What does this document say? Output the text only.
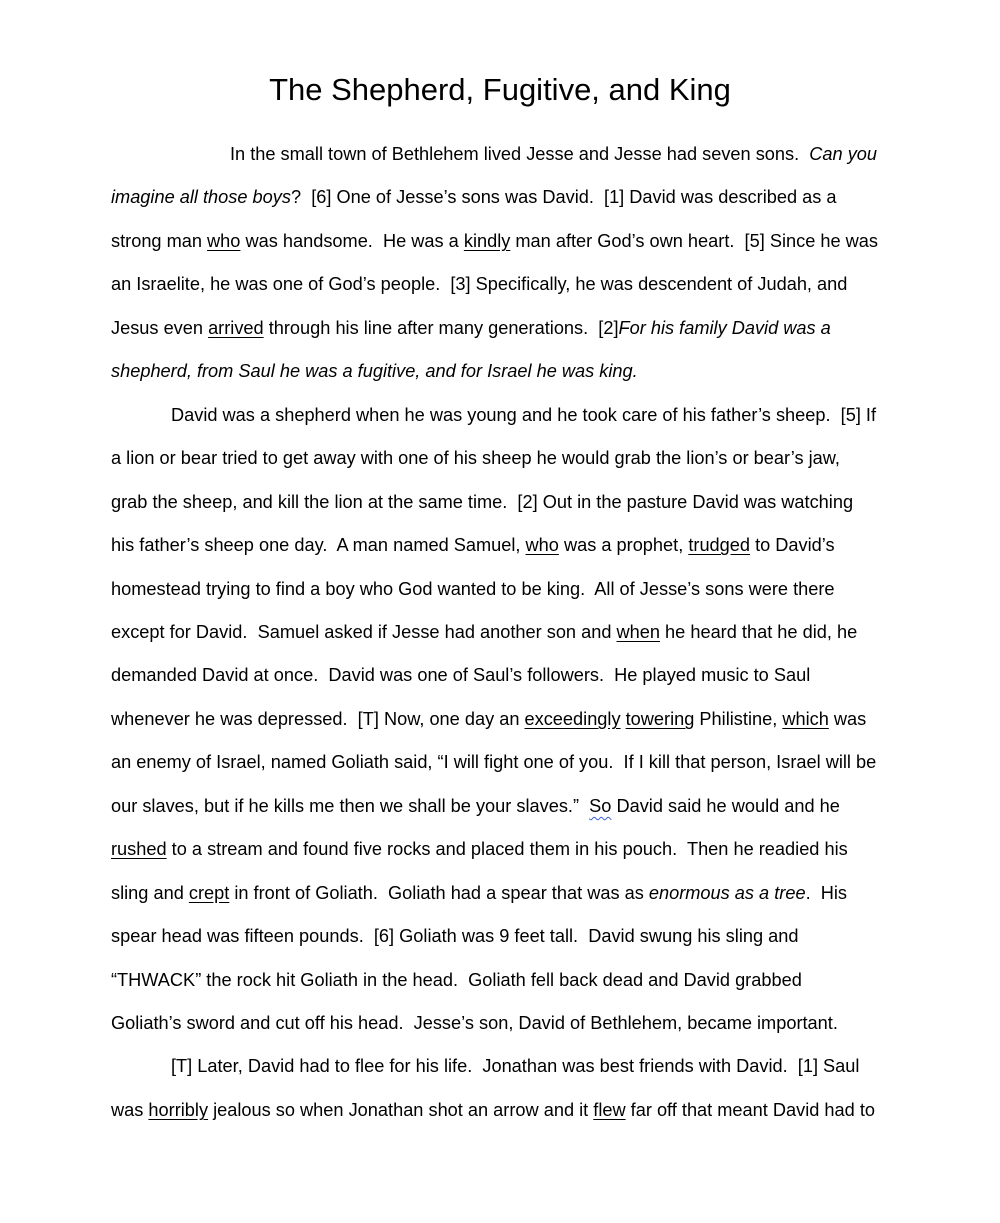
The Shepherd, Fugitive, and King
In the small town of Bethlehem lived Jesse and Jesse had seven sons.  Can you
imagine all those boys?  [6] One of Jesse’s sons was David.  [1] David was described as a
strong man who was handsome.  He was a kindly man after God’s own heart.  [5] Since he was
an Israelite, he was one of God’s people.  [3] Specifically, he was descendent of Judah, and
Jesus even arrived through his line after many generations.  [2]For his family David was a
shepherd, from Saul he was a fugitive, and for Israel he was king.
David was a shepherd when he was young and he took care of his father’s sheep.  [5] If
a lion or bear tried to get away with one of his sheep he would grab the lion’s or bear’s jaw,
grab the sheep, and kill the lion at the same time.  [2] Out in the pasture David was watching
his father’s sheep one day.  A man named Samuel, who was a prophet, trudged to David’s
homestead trying to find a boy who God wanted to be king.  All of Jesse’s sons were there
except for David.  Samuel asked if Jesse had another son and when he heard that he did, he
demanded David at once.  David was one of Saul’s followers.  He played music to Saul
whenever he was depressed.  [T] Now, one day an exceedingly towering Philistine, which was
an enemy of Israel, named Goliath said, “I will fight one of you.  If I kill that person, Israel will be
our slaves, but if he kills me then we shall be your slaves.”  So David said he would and he
rushed to a stream and found five rocks and placed them in his pouch.  Then he readied his
sling and crept in front of Goliath.  Goliath had a spear that was as enormous as a tree.  His
spear head was fifteen pounds.  [6] Goliath was 9 feet tall.  David swung his sling and
“THWACK” the rock hit Goliath in the head.  Goliath fell back dead and David grabbed
Goliath’s sword and cut off his head.  Jesse’s son, David of Bethlehem, became important.
[T] Later, David had to flee for his life.  Jonathan was best friends with David.  [1] Saul
was horribly jealous so when Jonathan shot an arrow and it flew far off that meant David had to
